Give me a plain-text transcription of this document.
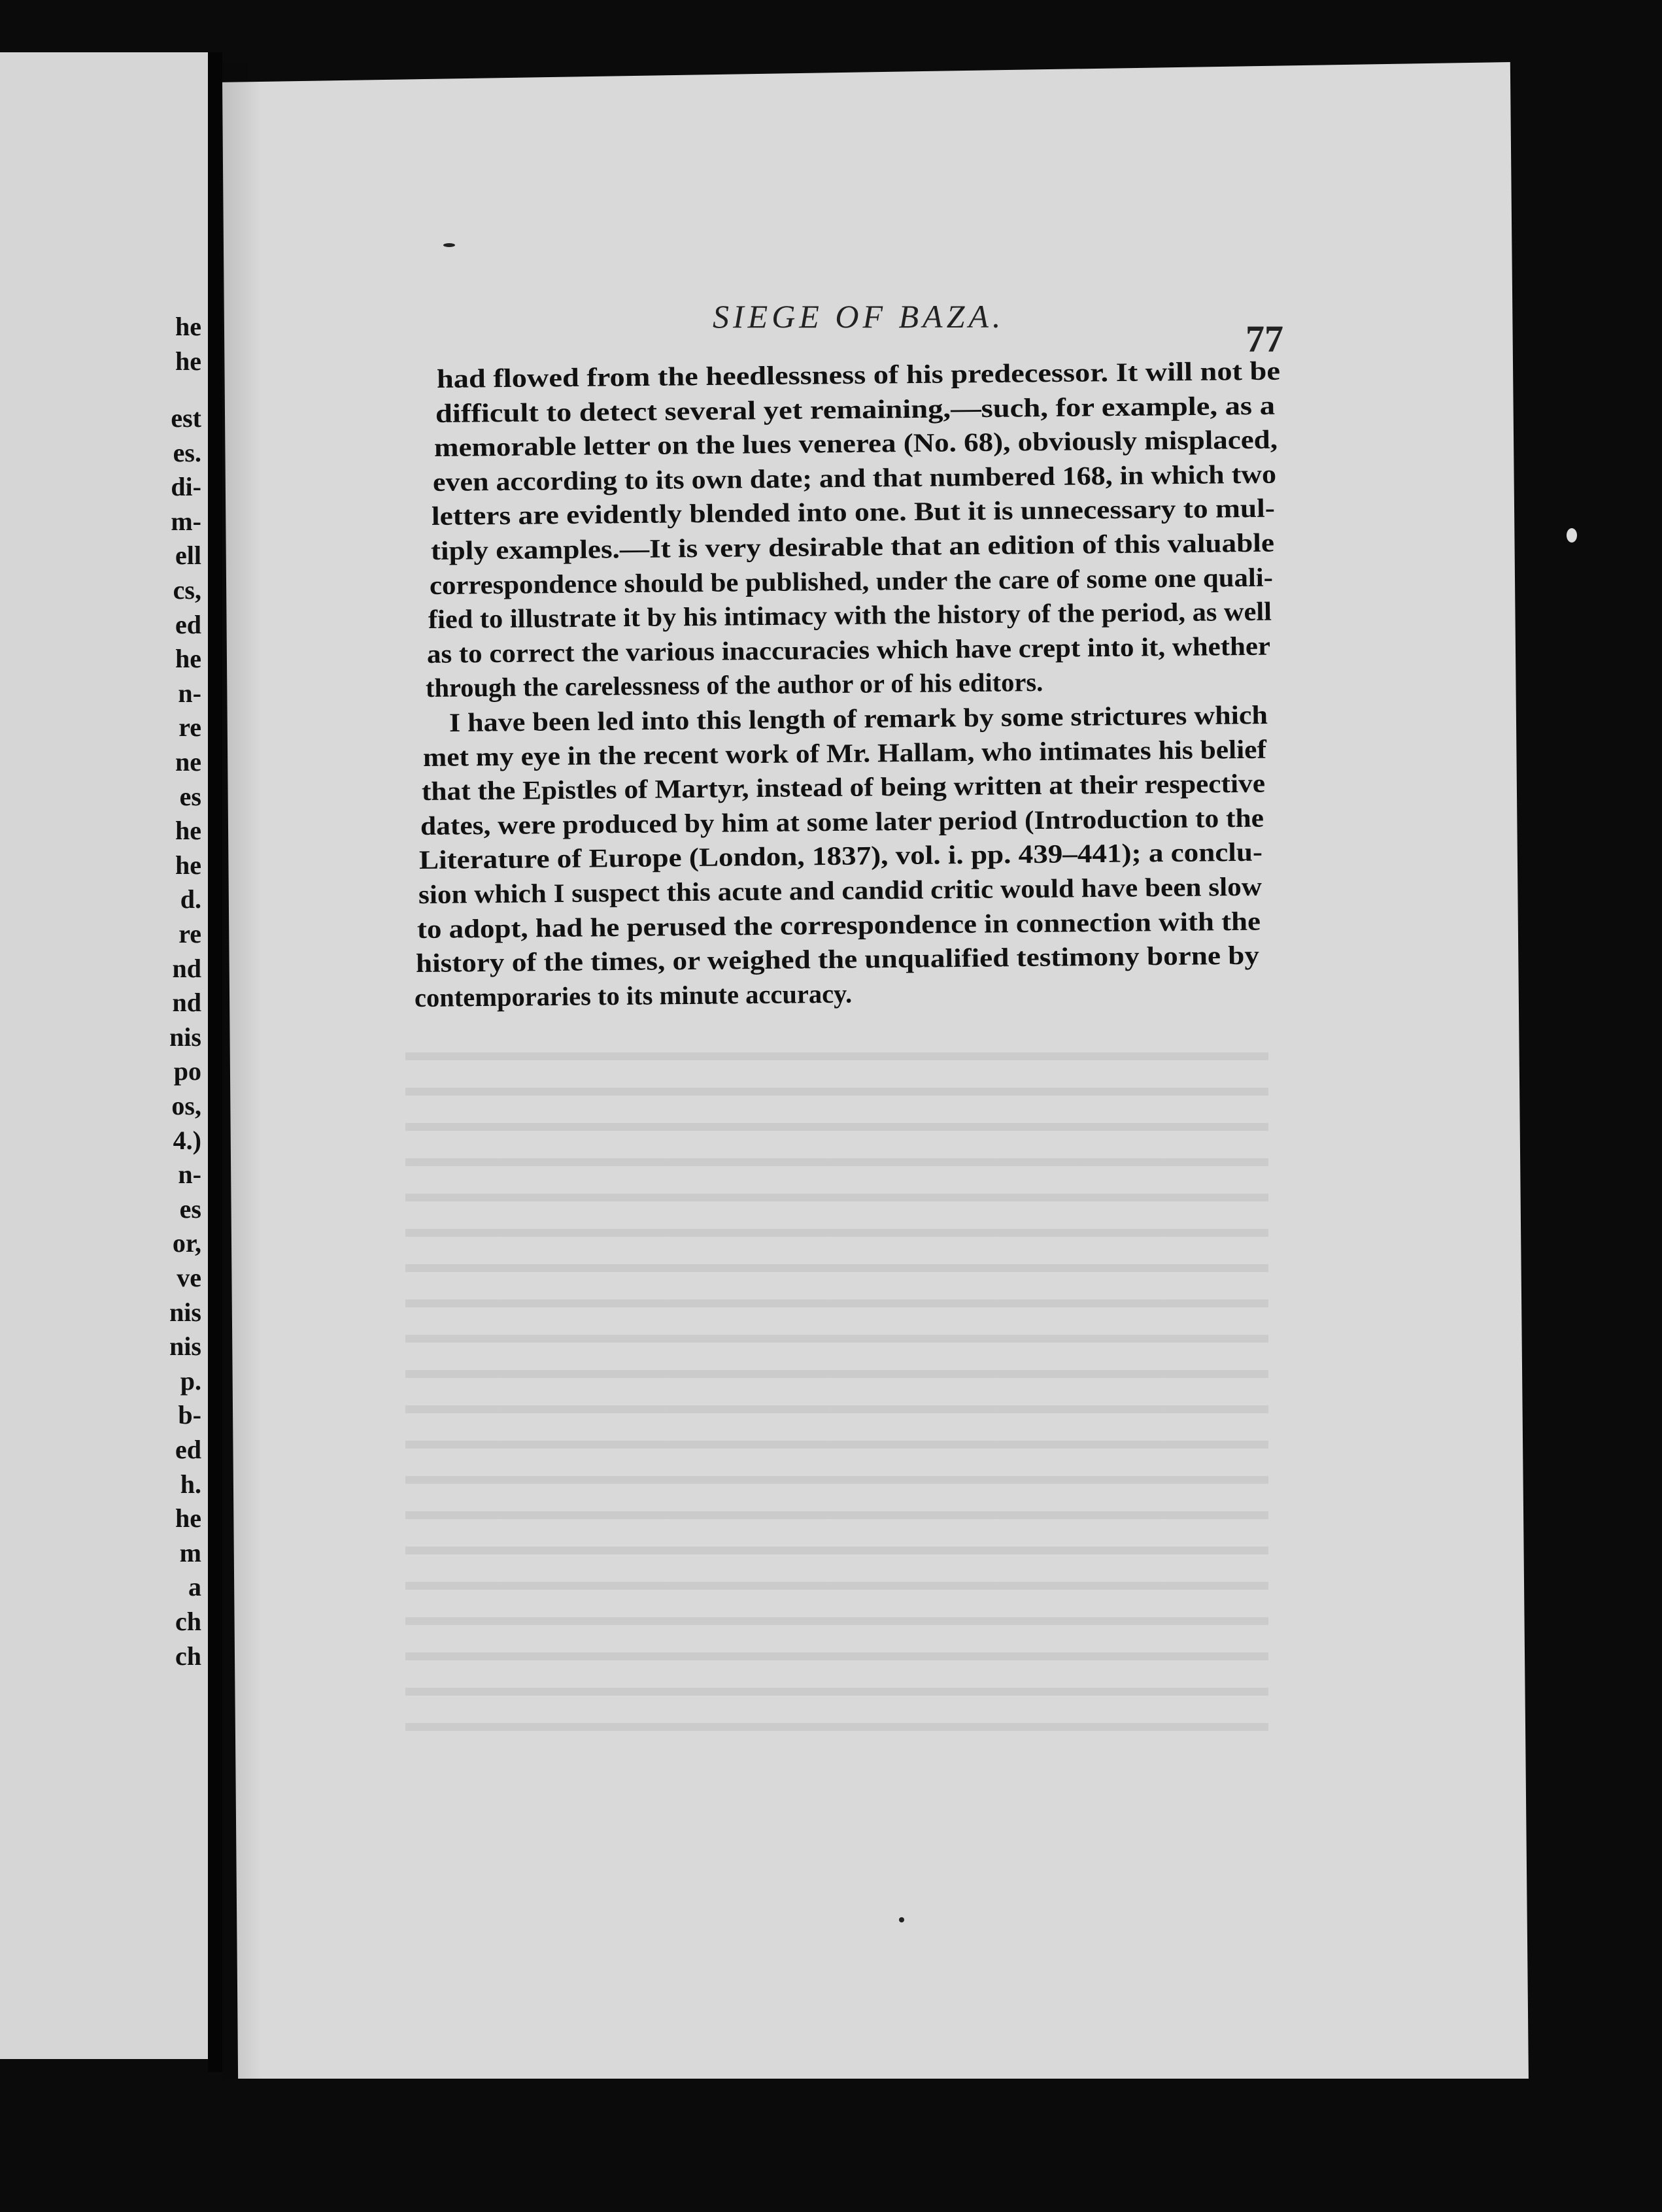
he
he
est
es.
di-
m-
ell
cs,
ed
he
n-
re
ne
es
he
he
d.
re
nd
nd
nis
po
os,
4.)
n-
es
or,
ve
nis
nis
p.
b-
ed
h.
he
m
a
ch
ch
SIEGE OF BAZA.
77
had flowed from the heedlessness of his predecessor. It will not be
difficult to detect several yet remaining,—such, for example, as a
memorable letter on the lues venerea (No. 68), obviously misplaced,
even according to its own date; and that numbered 168, in which two
letters are evidently blended into one. But it is unnecessary to mul-
tiply examples.—It is very desirable that an edition of this valuable
correspondence should be published, under the care of some one quali-
fied to illustrate it by his intimacy with the history of the period, as well
as to correct the various inaccuracies which have crept into it, whether
through the carelessness of the author or of his editors.
I have been led into this length of remark by some strictures which
met my eye in the recent work of Mr. Hallam, who intimates his belief
that the Epistles of Martyr, instead of being written at their respective
dates, were produced by him at some later period (Introduction to the
Literature of Europe (London, 1837), vol. i. pp. 439–441); a conclu-
sion which I suspect this acute and candid critic would have been slow
to adopt, had he perused the correspondence in connection with the
history of the times, or weighed the unqualified testimony borne by
contemporaries to its minute accuracy.
